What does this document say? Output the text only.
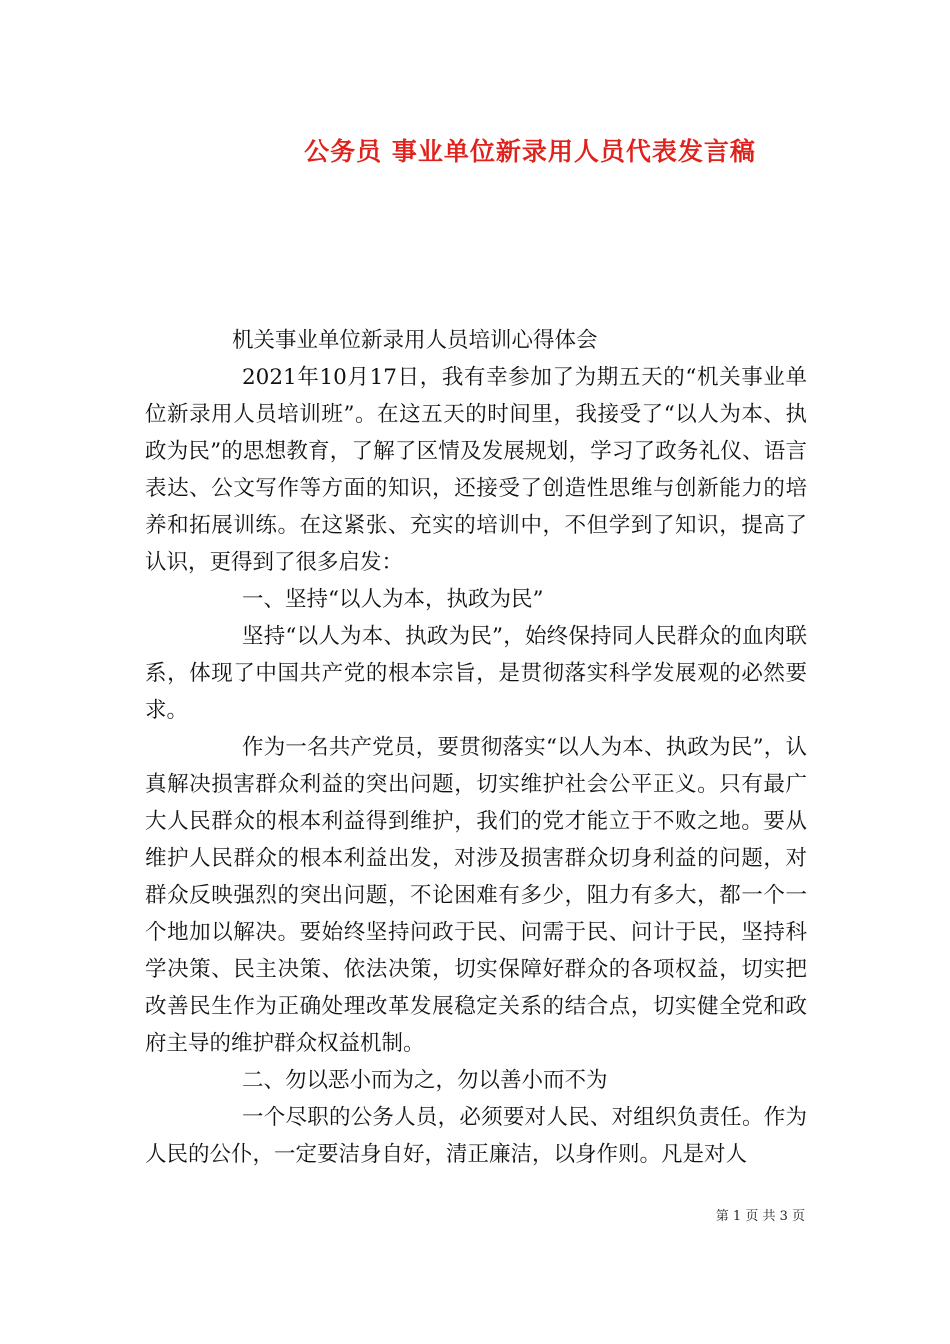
公务员 事业单位新录用人员代表发言稿

机关事业单位新录用人员培训心得体会

2021年10月17日，我有幸参加了为期五天的“机关事业单位新录用人员培训班”。在这五天的时间里，我接受了“以人为本、执政为民”的思想教育，了解了区情及发展规划，学习了政务礼仪、语言表达、公文写作等方面的知识，还接受了创造性思维与创新能力的培养和拓展训练。在这紧张、充实的培训中，不但学到了知识，提高了认识，更得到了很多启发：

一、坚持“以人为本，执政为民”

坚持“以人为本、执政为民”，始终保持同人民群众的血肉联系，体现了中国共产党的根本宗旨，是贯彻落实科学发展观的必然要求。

作为一名共产党员，要贯彻落实“以人为本、执政为民”，认真解决损害群众利益的突出问题，切实维护社会公平正义。只有最广大人民群众的根本利益得到维护，我们的党才能立于不败之地。要从维护人民群众的根本利益出发，对涉及损害群众切身利益的问题，对群众反映强烈的突出问题，不论困难有多少，阻力有多大，都一个一个地加以解决。要始终坚持问政于民、问需于民、问计于民，坚持科学决策、民主决策、依法决策，切实保障好群众的各项权益，切实把改善民生作为正确处理改革发展稳定关系的结合点，切实健全党和政府主导的维护群众权益机制。

二、勿以恶小而为之，勿以善小而不为

一个尽职的公务人员，必须要对人民、对组织负责任。作为人民的公仆，一定要洁身自好，清正廉洁，以身作则。凡是对人

第 1 页 共 3 页
